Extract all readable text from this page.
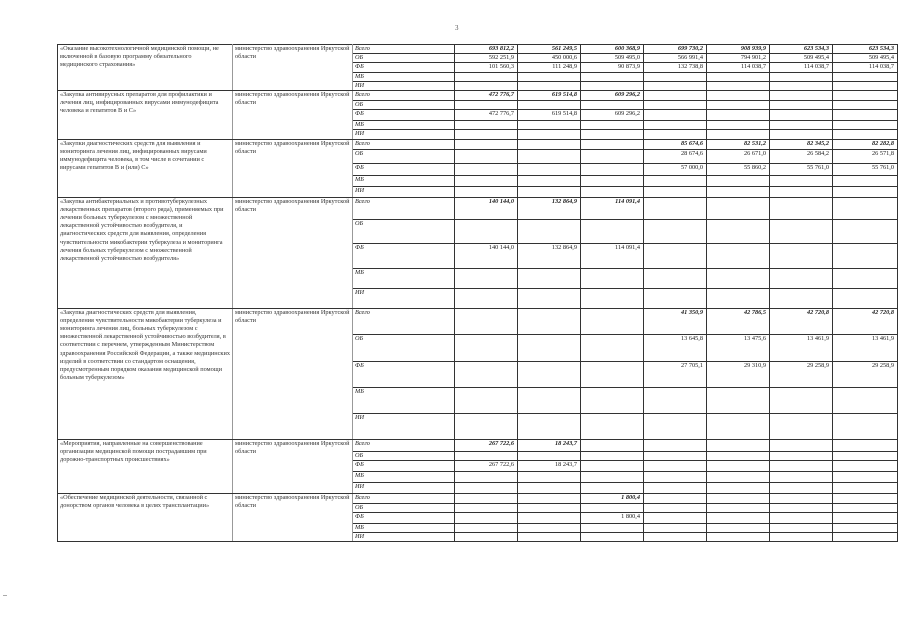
3
«Оказание высокотехнологичной медицинской помощи, не включенной в базовую программу обязательного медицинского страхования»	министерство здравоохранения Иркутской области	Всего	693 812,2	561 249,5	600 368,9	699 730,2	908 939,9	623 534,3	623 534,3
		ОБ	592 251,9	450 000,6	509 495,0	566 991,4	794 901,2	509 495,4	509 495,4
		ФБ	101 560,3	111 248,9	90 873,9	132 738,8	114 038,7	114 038,7	114 038,7
		МБ							
		ИИ							
«Закупка антивирусных препаратов для профилактики и лечения лиц, инфицированных вирусами иммунодефицита человека и гепатитов В и С»	министерство здравоохранения Иркутской области	Всего	472 776,7	619 514,8	609 296,2				
		ОБ							
		ФБ	472 776,7	619 514,8	609 296,2				
		МБ							
		ИИ							
«Закупки диагностических средств для выявления и мониторинга лечения лиц, инфицированных вирусами иммунодефицита человека, в том числе в сочетании с вирусами гепатитов В и (или) С»	министерство здравоохранения Иркутской области	Всего				85 674,6	82 531,2	82 345,2	82 282,8
		ОБ				28 674,6	26 671,0	26 584,2	26 571,8
		ФБ				57 000,0	55 860,2	55 761,0	55 761,0
		МБ							
		ИИ							
«Закупка антибактериальных и противотуберкулезных лекарственных препаратов (второго ряда), применяемых при лечении больных туберкулезом с множественной лекарственной устойчивостью возбудителя, и диагностических средств для выявления, определения чувствительности микобактерии туберкулеза и мониторинга лечения больных туберкулезом с множественной лекарственной устойчивостью возбудителя»	министерство здравоохранения Иркутской области	Всего	140 144,0	132 864,9	114 091,4				
		ОБ							
		ФБ	140 144,0	132 864,9	114 091,4				
		МБ							
		ИИ							
«Закупка диагностических средств для выявления, определения чувствительности микобактерии туберкулеза и мониторинга лечения лиц, больных туберкулезом с множественной лекарственной устойчивостью возбудителя, в соответствии с перечнем, утвержденным Министерством здравоохранения Российской Федерации, а также медицинских изделий в соответствии со стандартом оснащения, предусмотренным порядком оказания медицинской помощи больным туберкулезом»	министерство здравоохранения Иркутской области	Всего				41 350,9	42 786,5	42 720,8	42 720,8
		ОБ				13 645,8	13 475,6	13 461,9	13 461,9
		ФБ				27 705,1	29 310,9	29 258,9	29 258,9
		МБ							
		ИИ							
«Мероприятия, направленные на совершенствование организации медицинской помощи пострадавшим при дорожно-транспортных происшествиях»	министерство здравоохранения Иркутской области	Всего	267 722,6	18 243,7					
		ОБ							
		ФБ	267 722,6	18 243,7					
		МБ							
		ИИ							
«Обеспечение медицинской деятельности, связанной с донорством органов человека в целях трансплантации»	министерство здравоохранения Иркутской области	Всего			1 800,4				
		ОБ							
		ФБ			1 800,4				
		МБ							
		ИИ							
